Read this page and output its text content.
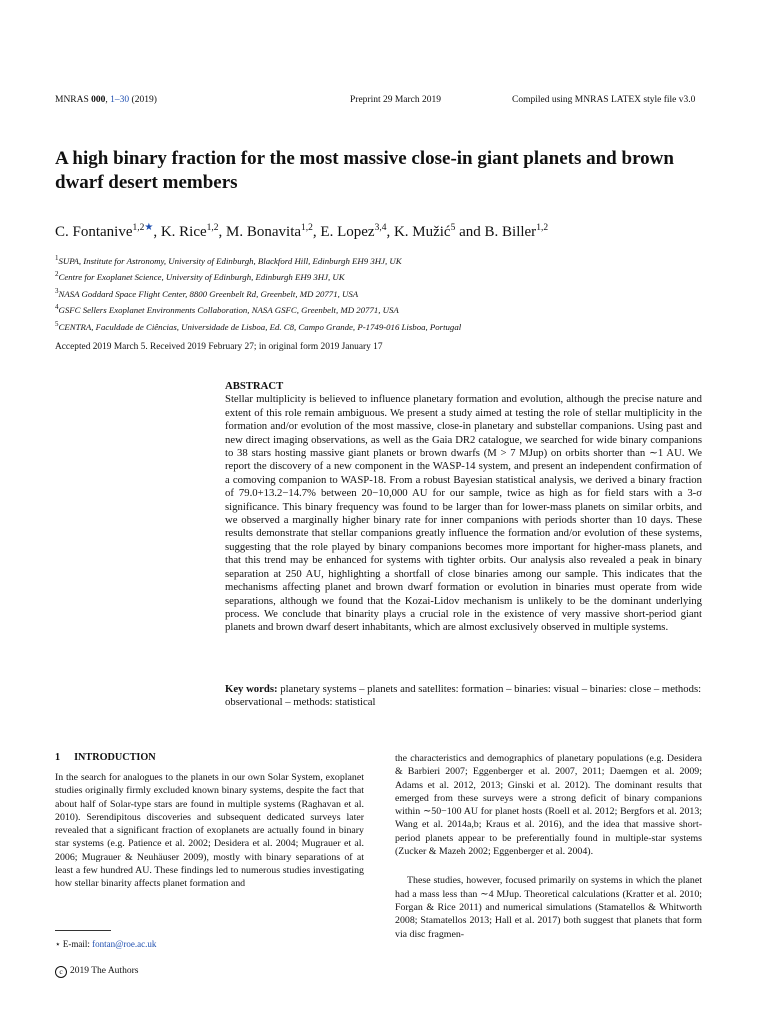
MNRAS 000, 1–30 (2019)	Preprint 29 March 2019	Compiled using MNRAS LATEX style file v3.0
A high binary fraction for the most massive close-in giant planets and brown dwarf desert members
C. Fontanive$^{1,2★}$, K. Rice$^{1,2}$, M. Bonavita$^{1,2}$, E. Lopez$^{3,4}$, K. Mužić$^5$ and B. Biller$^{1,2}$
$^1$SUPA, Institute for Astronomy, University of Edinburgh, Blackford Hill, Edinburgh EH9 3HJ, UK
$^2$Centre for Exoplanet Science, University of Edinburgh, Edinburgh EH9 3HJ, UK
$^3$NASA Goddard Space Flight Center, 8800 Greenbelt Rd, Greenbelt, MD 20771, USA
$^4$GSFC Sellers Exoplanet Environments Collaboration, NASA GSFC, Greenbelt, MD 20771, USA
$^5$CENTRA, Faculdade de Ciências, Universidade de Lisboa, Ed. C8, Campo Grande, P-1749-016 Lisboa, Portugal
Accepted 2019 March 5. Received 2019 February 27; in original form 2019 January 17
ABSTRACT
Stellar multiplicity is believed to influence planetary formation and evolution, although the precise nature and extent of this role remain ambiguous. We present a study aimed at testing the role of stellar multiplicity in the formation and/or evolution of the most massive, close-in planetary and substellar companions. Using past and new direct imaging observations, as well as the Gaia DR2 catalogue, we searched for wide binary companions to 38 stars hosting massive giant planets or brown dwarfs (M > 7 MJup) on orbits shorter than ∼1 AU. We report the discovery of a new component in the WASP-14 system, and present an independent confirmation of a comoving companion to WASP-18. From a robust Bayesian statistical analysis, we derived a binary fraction of 79.0+13.2−14.7% between 20−10,000 AU for our sample, twice as high as for field stars with a 3-σ significance. This binary frequency was found to be larger than for lower-mass planets on similar orbits, and we observed a marginally higher binary rate for inner companions with periods shorter than 10 days. These results demonstrate that stellar companions greatly influence the formation and/or evolution of these systems, suggesting that the role played by binary companions becomes more important for higher-mass planets, and that this trend may be enhanced for systems with tighter orbits. Our analysis also revealed a peak in binary separation at 250 AU, highlighting a shortfall of close binaries among our sample. This indicates that the mechanisms affecting planet and brown dwarf formation or evolution in binaries must operate from wide separations, although we found that the Kozai-Lidov mechanism is unlikely to be the dominant underlying process. We conclude that binarity plays a crucial role in the existence of very massive short-period giant planets and brown dwarf desert inhabitants, which are almost exclusively observed in multiple systems.
Key words: planetary systems – planets and satellites: formation – binaries: visual – binaries: close – methods: observational – methods: statistical
1 INTRODUCTION

In the search for analogues to the planets in our own Solar System, exoplanet studies originally firmly excluded known binary systems, despite the fact that about half of Solar-type stars are found in multiple systems (Raghavan et al. 2010). Serendipitous discoveries and subsequent dedicated surveys later revealed that a significant fraction of exoplanets are actually found in binary star systems (e.g. Patience et al. 2002; Desidera et al. 2004; Mugrauer et al. 2006; Mugrauer & Neuhäuser 2009), mostly with binary separations of at least a few hundred AU. These findings led to numerous studies investigating how stellar binarity affects planet formation and

the characteristics and demographics of planetary populations (e.g. Desidera & Barbieri 2007; Eggenberger et al. 2007, 2011; Daemgen et al. 2009; Adams et al. 2012, 2013; Ginski et al. 2012). The dominant results that emerged from these surveys were a strong deficit of binary companions within ∼50−100 AU for planet hosts (Roell et al. 2012; Bergfors et al. 2013; Wang et al. 2014a,b; Kraus et al. 2016), and the idea that massive short-period planets appear to be preferentially found in multiple-star systems (Zucker & Mazeh 2002; Eggenberger et al. 2004).

These studies, however, focused primarily on systems in which the planet had a mass less than ∼4 MJup. Theoretical calculations (Kratter et al. 2010; Forgan & Rice 2011) and numerical simulations (Stamatellos & Whitworth 2008; Stamatellos 2013; Hall et al. 2017) both suggest that planets that form via disc fragmen-

⋆ E-mail: fontan@roe.ac.uk
c 2019 The Authors
